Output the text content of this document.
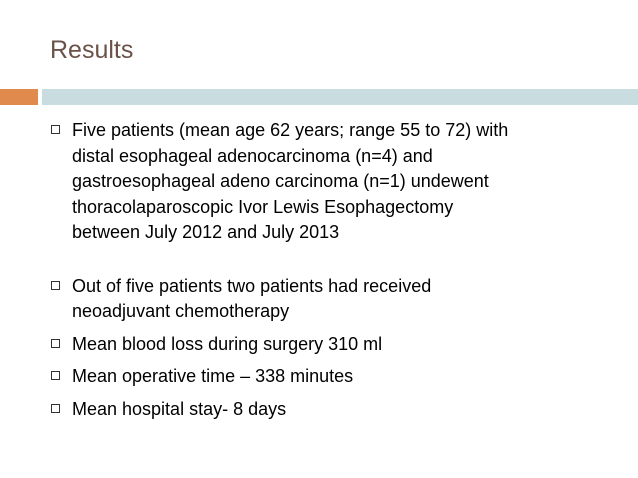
Results
Five patients (mean age 62 years; range 55 to 72) with
distal esophageal adenocarcinoma (n=4) and
gastroesophageal adeno carcinoma (n=1) undewent
thoracolaparoscopic Ivor Lewis Esophagectomy
between July 2012 and July 2013
Out of five patients two patients had received
neoadjuvant chemotherapy
Mean blood loss during surgery 310 ml
Mean operative time – 338 minutes
Mean hospital stay- 8 days
